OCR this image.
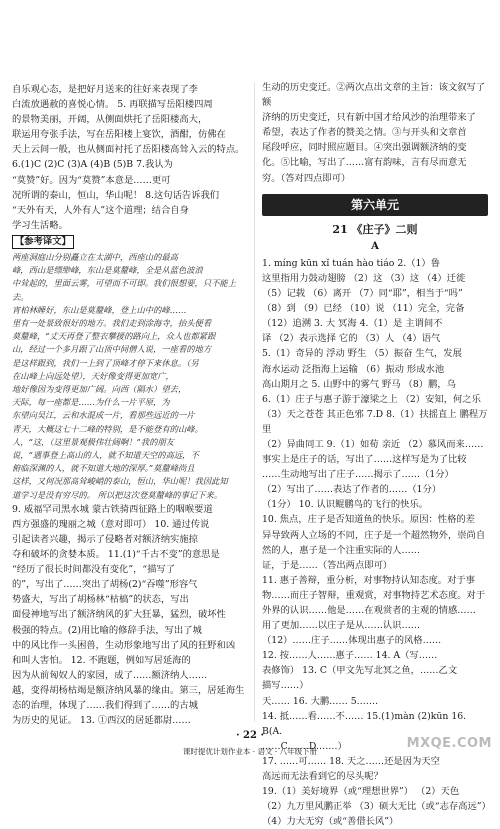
自乐观心态，是把好月送来的往好来表现了李

白流放遇赦的喜悦心情。 5. 再联描写岳阳楼四周

的景物美丽，开阔，从侧面烘托了岳阳楼高大，

联运用夸张手法，写在岳阳楼上宴饮，酒酣，仿佛在

天上云间一般，也从侧面衬托了岳阳楼高耸入云的特点。

6.(1)C (2)C (3)A (4)B (5)B 7.我认为

“莫赞”好。因为“莫赞”本意是……更可

况所谓的泰山，恒山，华山呢！ 8.这句话告诉我们

“天外有天，人外有人”这个道理；结合自身

学习生活略。

【参考译文】

两座洞庭山分别矗立在太湖中，西座山的最高

峰，西山是缥缈峰，东山是莫釐峰，全是从蓝色波浪

中耸起的，里面云雾，可望而不可即。我们很想要，只不能上去。

宵柏林睡好，东山是莫釐峰，登上山中的峰……

里有一处景致很好的地方。我们走到涂海寺，抬头便看

莫釐峰，“丈天再登了整衣攀援的路向上，众人也都紧跟

山，经过一个多月跟了山顶中间僧人说，一座看的地方

是这样跟到，我们一上到了顶峰才停下来休息。（另

在山峰上向远处望），天好像变得更加宽广，

地好像因为变得更加广阔。向西（隔水）望去，

天际，每一座都是……为什么一片平原，为

东望向吴江，云和水混成一片，看那些远近的一片

青天，大概这七十二峰的特别，是不能登有的山峰。

人，“这，（这里景观极伟壮阔啊！”我的朋友

说，“遇事登上高山的人，就不知道天空的高远，不

俯临深渊的人，就不知道大地的深厚。”莫釐峰尚且

这样，又何况那高耸峻峭的泰山，恒山，华山呢！我因此知

道学习是没有穷尽的。 所以把这次登莫釐峰的事记下来。

9. 威福罕司黑水城 蒙古铁骑西征路上的咽喉要道

西方强盛的瑰丽之城（意对即可） 10. 通过传说

引起读者兴趣，揭示了侵略者对额济纳实施掠

夺和破坏的贪婪本质。 11.(1)“千古不变”的意思是

“经历了很长时间都没有变化”，“描写了

的”，写出了……突出了胡杨(2)“吞噬”形容气

势盛大，写出了胡杨林“枯槁”的状态，写出

面侵神地写出了额济纳风的犷大狂暴，猛烈，破坏性

极强的特点。(2)用比喻的修辞手法，写出了城

中的风比作一头困兽，生动形象地写出了风的狂野和凶

和叫人害怕。 12. 不跑题，例如写居延海的

因为从前匈奴人的家园，成了……额济纳人……

越，变得胡杨枯竭是额济纳风暴的缘由。第三，居延海生

态的治理，体现了……我们得到了……的古城

为历史的见证。 13. ①西汉的居延都尉……

生动的历史变迁。②两次点出文章的主旨：该文叙写了额

济纳的历史变迁，只有新中国才给风沙的治理带来了

希望，表达了作者的赞美之情。③与开头和文章首

尾段呼应，同时照应题目。④突出强调额济纳的变

化。⑤比喻，写出了……富有韵味，言有尽而意无

穷。（答对四点即可）

第六单元
21 《庄子》二则
A

1. míng kūn xǐ tuán hào tiáo 2.（1）鲁

这里指用力鼓动翅膀 （2）这 （3）这 （4）迁徙

（5）记载 （6）离开 （7）同“耶”，相当于“吗”

（8）到 （9）已经 （10）说 （11）完全，完备

（12）追溯 3. 大 冥海 4.（1）是 主谓间不

译 （2）表示选择 它的 （3）人 （4）语气

5.（1）奇异的 浮动 野生 （5）振奋 生气，发展

海水运动 泛指海上运输 （6）振动 形成水池

高山期月之 5. 山野中的雾气 野马 （8）鹏，乌

6.（1）庄子与惠子游于濠梁之上 （2）安知，何之乐

（3）天之苍苍 其正色邪 7.D 8.（1）扶摇直上 鹏程万里

（2）异曲同工 9.（1）如荀 亲近 （2）慕风而来……

事实上是庄子的话，写出了……这样写是为了比较

……生动地写出了庄子……揭示了……（1分）

（2）写出了……表达了作者的……（1分）

（1分） 10. 认识鲲鹏鸟的飞行的快乐。

10. 焦点，庄子是否知道鱼的快乐。原因：性格的差

异导致两人立场的不同，庄子是一个超然物外，崇尚自

然的人，惠子是一个注重实际的人……

证，于是……（答出两点即可）

11. 惠子善辩，重分析，对事物持认知态度。对于事

物……而庄子智辩，重观赏，对事物持艺术态度。对于

外界的认识……他是……在观赏者的主观的情感……

用了更加……以庄子是从……认识……

（12）……庄子……体现出惠子的风格……

12. 按……人……惠子…… 14. A（写……

表修饰） 13. C（甲文先写北冥之鱼，……乙文

描写……）

天…… 16. 大鹏…… 5.……

14. 抵……看……不…… 15.(1)màn (2)kūn 16. B(A.

……C.……D.……）

17. ……可…… 18. 天之……还是因为天空

高远而无法看到它的尽头呢？

19.（1）美好境界（或“理想世界”） （2）天色

（2）九万里风鹏正举 （3）硕大无比（或“志存高远”）

（4）力大无穷（或“善借长风”）

· 22 ·
课时提优计划作业本 · 语文 · 八年级下册
MXQE.COM
